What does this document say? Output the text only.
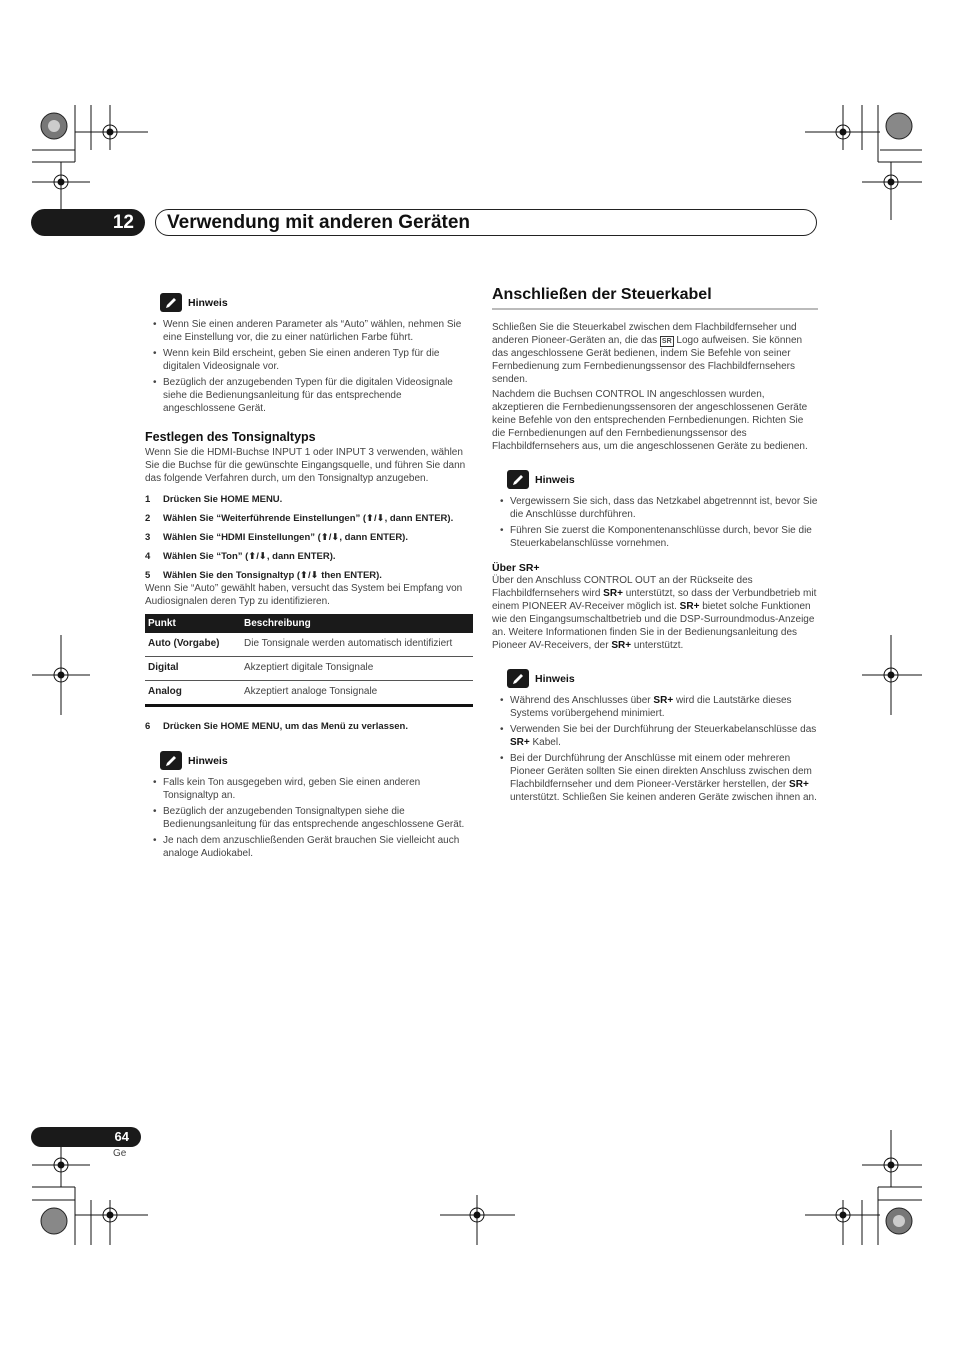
12	Verwendung mit anderen Geräten
Hinweis
• Wenn Sie einen anderen Parameter als “Auto” wählen, nehmen Sie eine Einstellung vor, die zu einer natürlichen Farbe führt.
• Wenn kein Bild erscheint, geben Sie einen anderen Typ für die digitalen Videosignale vor.
• Bezüglich der anzugebenden Typen für die digitalen Videosignale siehe die Bedienungsanleitung für das entsprechende angeschlossene Gerät.
Festlegen des Tonsignaltyps
Wenn Sie die HDMI-Buchse INPUT 1 oder INPUT 3 verwenden, wählen Sie die Buchse für die gewünschte Eingangsquelle, und führen Sie dann das folgende Verfahren durch, um den Tonsignaltyp anzugeben.
1 Drücken Sie HOME MENU.
2 Wählen Sie “Weiterführende Einstellungen” (⬆/⬇, dann ENTER).
3 Wählen Sie “HDMI Einstellungen” (⬆/⬇, dann ENTER).
4 Wählen Sie “Ton” (⬆/⬇, dann ENTER).
5 Wählen Sie den Tonsignaltyp (⬆/⬇ then ENTER).
Wenn Sie “Auto” gewählt haben, versucht das System bei Empfang von Audiosignalen deren Typ zu identifizieren.
Punkt	Beschreibung
Auto (Vorgabe)	Die Tonsignale werden automatisch identifiziert
Digital	Akzeptiert digitale Tonsignale
Analog	Akzeptiert analoge Tonsignale
6 Drücken Sie HOME MENU, um das Menü zu verlassen.
Hinweis
• Falls kein Ton ausgegeben wird, geben Sie einen anderen Tonsignaltyp an.
• Bezüglich der anzugebenden Tonsignaltypen siehe die Bedienungsanleitung für das entsprechende angeschlossene Gerät.
• Je nach dem anzuschließenden Gerät brauchen Sie vielleicht auch analoge Audiokabel.
Anschließen der Steuerkabel
Schließen Sie die Steuerkabel zwischen dem Flachbildfernseher und anderen Pioneer-Geräten an, die das SR Logo aufweisen. Sie können das angeschlossene Gerät bedienen, indem Sie Befehle von seiner Fernbedienung zum Fernbedienungssensor des Flachbildfernsehers senden.
Nachdem die Buchsen CONTROL IN angeschlossen wurden, akzeptieren die Fernbedienungssensoren der angeschlossenen Geräte keine Befehle von den entsprechenden Fernbedienungen. Richten Sie die Fernbedienungen auf den Fernbedienungssensor des Flachbildfernsehers aus, um die angeschlossenen Geräte zu bedienen.
Hinweis
• Vergewissern Sie sich, dass das Netzkabel abgetrennnt ist, bevor Sie die Anschlüsse durchführen.
• Führen Sie zuerst die Komponentenanschlüsse durch, bevor Sie die Steuerkabelanschlüsse vornehmen.
Über SR+
Über den Anschluss CONTROL OUT an der Rückseite des Flachbildfernsehers wird SR+ unterstützt, so dass der Verbundbetrieb mit einem PIONEER AV-Receiver möglich ist. SR+ bietet solche Funktionen wie den Eingangsumschaltbetrieb und die DSP-Surroundmodus-Anzeige an. Weitere Informationen finden Sie in der Bedienungsanleitung des Pioneer AV-Receivers, der SR+ unterstützt.
Hinweis
• Während des Anschlusses über SR+ wird die Lautstärke dieses Systems vorübergehend minimiert.
• Verwenden Sie bei der Durchführung der Steuerkabelanschlüsse das SR+ Kabel.
• Bei der Durchführung der Anschlüsse mit einem oder mehreren Pioneer Geräten sollten Sie einen direkten Anschluss zwischen dem Flachbildfernseher und dem Pioneer-Verstärker herstellen, der SR+ unterstützt. Schließen Sie keinen anderen Geräte zwischen ihnen an.
64
Ge
